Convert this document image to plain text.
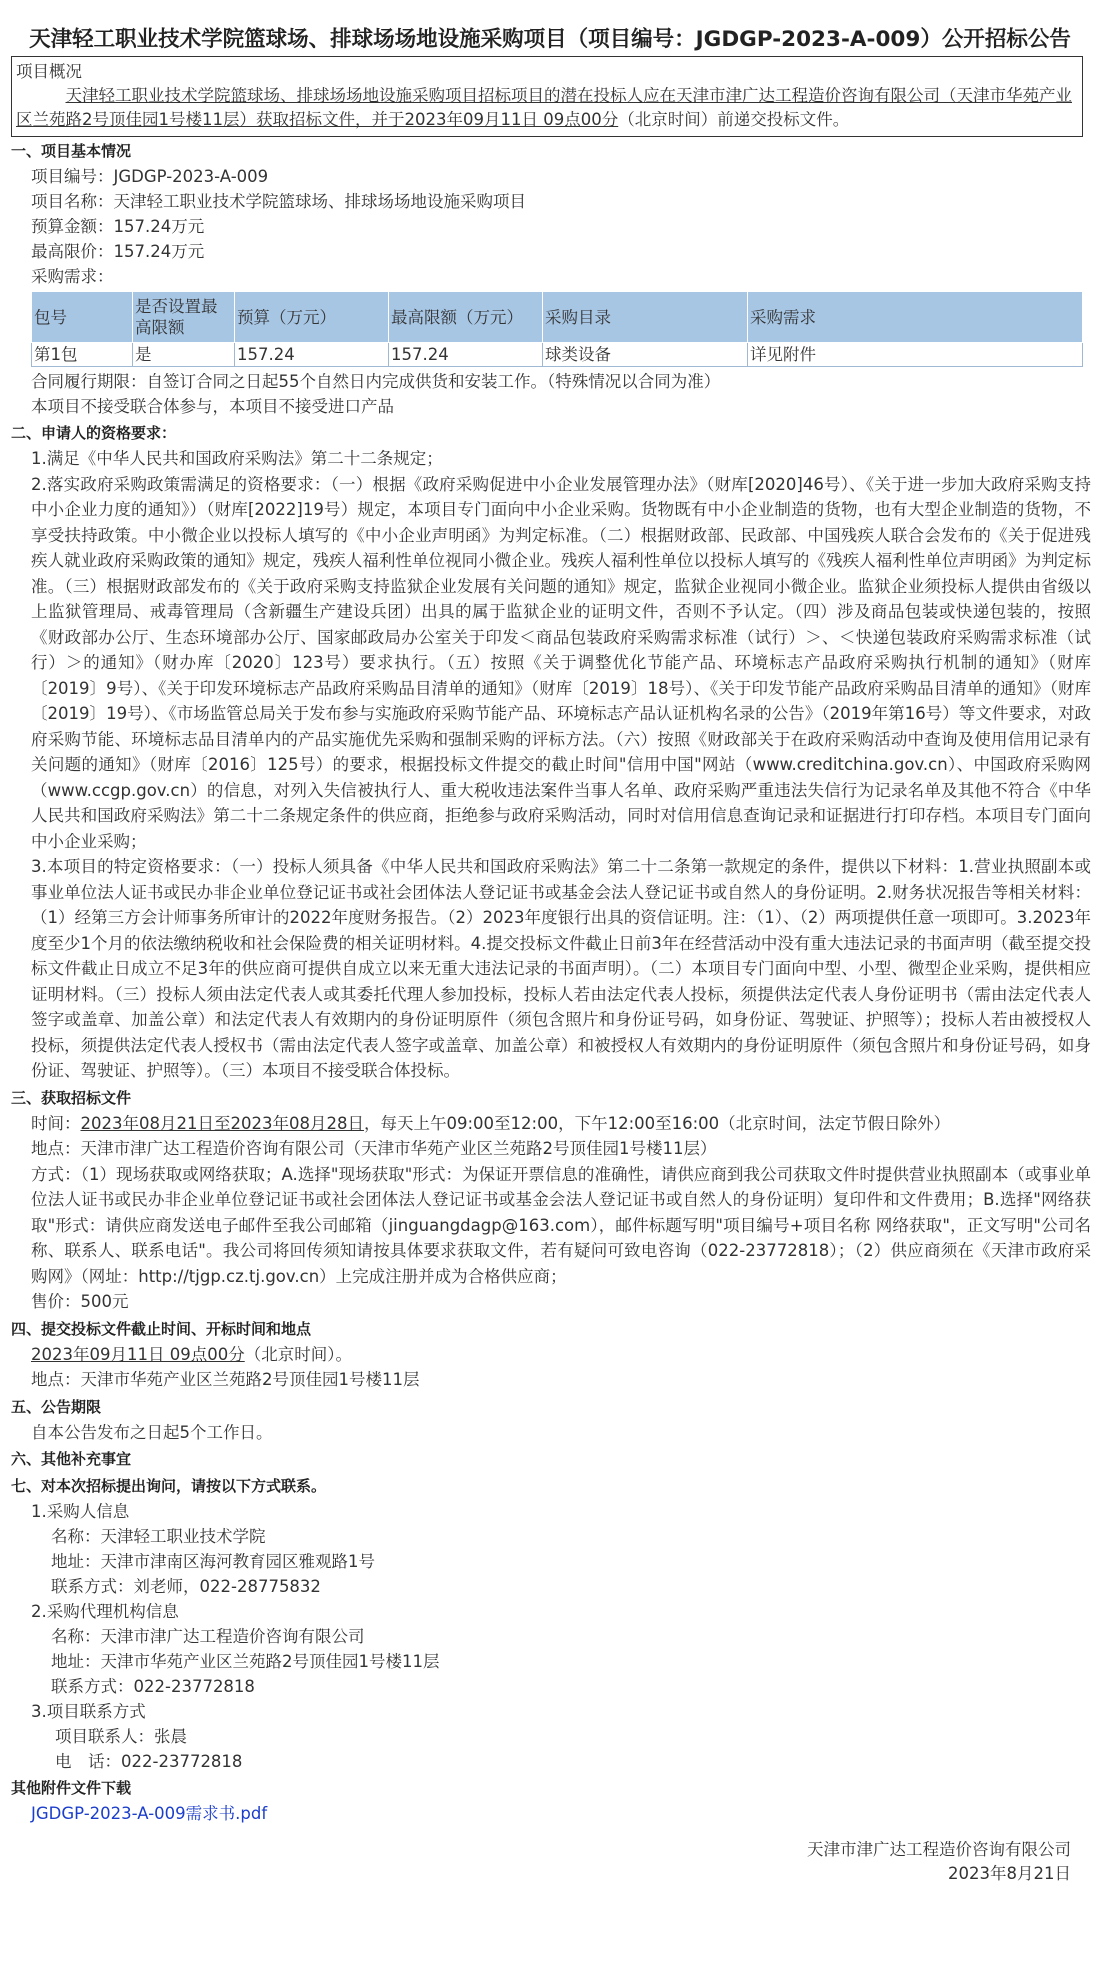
天津轻工职业技术学院篮球场、排球场场地设施采购项目（项目编号：JGDGP-2023-A-009）公开招标公告
项目概况
天津轻工职业技术学院篮球场、排球场场地设施采购项目招标项目的潜在投标人应在天津市津广达工程造价咨询有限公司（天津市华苑产业区兰苑路2号顶佳园1号楼11层）获取招标文件，并于2023年09月11日 09点00分（北京时间）前递交投标文件。
一、项目基本情况
项目编号：JGDGP-2023-A-009
项目名称：天津轻工职业技术学院篮球场、排球场场地设施采购项目
预算金额：157.24万元
最高限价：157.24万元
采购需求：
包号	是否设置最高限额	预算（万元）	最高限额（万元）	采购目录	采购需求
第1包	是	157.24	157.24	球类设备	详见附件
合同履行期限：自签订合同之日起55个自然日内完成供货和安装工作。（特殊情况以合同为准）
本项目不接受联合体参与，本项目不接受进口产品
二、申请人的资格要求：
1.满足《中华人民共和国政府采购法》第二十二条规定；
2.落实政府采购政策需满足的资格要求：（一）根据《政府采购促进中小企业发展管理办法》（财库[2020]46号）、《关于进一步加大政府采购支持中小企业力度的通知》）（财库[2022]19号）规定，本项目专门面向中小企业采购。货物既有中小企业制造的货物，也有大型企业制造的货物，不享受扶持政策。中小微企业以投标人填写的《中小企业声明函》为判定标准。（二）根据财政部、民政部、中国残疾人联合会发布的《关于促进残疾人就业政府采购政策的通知》规定，残疾人福利性单位视同小微企业。残疾人福利性单位以投标人填写的《残疾人福利性单位声明函》为判定标准。（三）根据财政部发布的《关于政府采购支持监狱企业发展有关问题的通知》规定，监狱企业视同小微企业。监狱企业须投标人提供由省级以上监狱管理局、戒毒管理局（含新疆生产建设兵团）出具的属于监狱企业的证明文件，否则不予认定。（四）涉及商品包装或快递包装的，按照《财政部办公厅、生态环境部办公厅、国家邮政局办公室关于印发＜商品包装政府采购需求标准（试行）＞、＜快递包装政府采购需求标准（试行）＞的通知》（财办库〔2020〕123号）要求执行。（五）按照《关于调整优化节能产品、环境标志产品政府采购执行机制的通知》（财库〔2019〕9号）、《关于印发环境标志产品政府采购品目清单的通知》（财库〔2019〕18号）、《关于印发节能产品政府采购品目清单的通知》（财库〔2019〕19号）、《市场监管总局关于发布参与实施政府采购节能产品、环境标志产品认证机构名录的公告》（2019年第16号）等文件要求，对政府采购节能、环境标志品目清单内的产品实施优先采购和强制采购的评标方法。（六）按照《财政部关于在政府采购活动中查询及使用信用记录有关问题的通知》（财库〔2016〕125号）的要求，根据投标文件提交的截止时间"信用中国"网站（www.creditchina.gov.cn）、中国政府采购网（www.ccgp.gov.cn）的信息，对列入失信被执行人、重大税收违法案件当事人名单、政府采购严重违法失信行为记录名单及其他不符合《中华人民共和国政府采购法》第二十二条规定条件的供应商，拒绝参与政府采购活动，同时对信用信息查询记录和证据进行打印存档。本项目专门面向中小企业采购；
3.本项目的特定资格要求：（一）投标人须具备《中华人民共和国政府采购法》第二十二条第一款规定的条件，提供以下材料：1.营业执照副本或事业单位法人证书或民办非企业单位登记证书或社会团体法人登记证书或基金会法人登记证书或自然人的身份证明。2.财务状况报告等相关材料：（1）经第三方会计师事务所审计的2022年度财务报告。（2）2023年度银行出具的资信证明。注：（1）、（2）两项提供任意一项即可。3.2023年度至少1个月的依法缴纳税收和社会保险费的相关证明材料。4.提交投标文件截止日前3年在经营活动中没有重大违法记录的书面声明（截至提交投标文件截止日成立不足3年的供应商可提供自成立以来无重大违法记录的书面声明）。（二）本项目专门面向中型、小型、微型企业采购，提供相应证明材料。（三）投标人须由法定代表人或其委托代理人参加投标，投标人若由法定代表人投标，须提供法定代表人身份证明书（需由法定代表人签字或盖章、加盖公章）和法定代表人有效期内的身份证明原件（须包含照片和身份证号码，如身份证、驾驶证、护照等）；投标人若由被授权人投标，须提供法定代表人授权书（需由法定代表人签字或盖章、加盖公章）和被授权人有效期内的身份证明原件（须包含照片和身份证号码，如身份证、驾驶证、护照等）。（三）本项目不接受联合体投标。
三、获取招标文件
时间：2023年08月21日至2023年08月28日，每天上午09:00至12:00，下午12:00至16:00（北京时间，法定节假日除外）
地点：天津市津广达工程造价咨询有限公司（天津市华苑产业区兰苑路2号顶佳园1号楼11层）
方式：（1）现场获取或网络获取；A.选择"现场获取"形式：为保证开票信息的准确性，请供应商到我公司获取文件时提供营业执照副本（或事业单位法人证书或民办非企业单位登记证书或社会团体法人登记证书或基金会法人登记证书或自然人的身份证明）复印件和文件费用；B.选择"网络获取"形式：请供应商发送电子邮件至我公司邮箱（jinguangdagp@163.com），邮件标题写明"项目编号+项目名称 网络获取"，正文写明"公司名称、联系人、联系电话"。我公司将回传须知请按具体要求获取文件，若有疑问可致电咨询（022-23772818）；（2）供应商须在《天津市政府采购网》（网址：http://tjgp.cz.tj.gov.cn）上完成注册并成为合格供应商；
售价：500元
四、提交投标文件截止时间、开标时间和地点
2023年09月11日 09点00分（北京时间）。
地点：天津市华苑产业区兰苑路2号顶佳园1号楼11层
五、公告期限
自本公告发布之日起5个工作日。
六、其他补充事宜
七、对本次招标提出询问，请按以下方式联系。
1.采购人信息
名称：天津轻工职业技术学院
地址：天津市津南区海河教育园区雅观路1号
联系方式：刘老师，022-28775832
2.采购代理机构信息
名称：天津市津广达工程造价咨询有限公司
地址：天津市华苑产业区兰苑路2号顶佳园1号楼11层
联系方式：022-23772818
3.项目联系方式
项目联系人：张晨
电　话：022-23772818
其他附件文件下载
JGDGP-2023-A-009需求书.pdf
天津市津广达工程造价咨询有限公司
2023年8月21日
